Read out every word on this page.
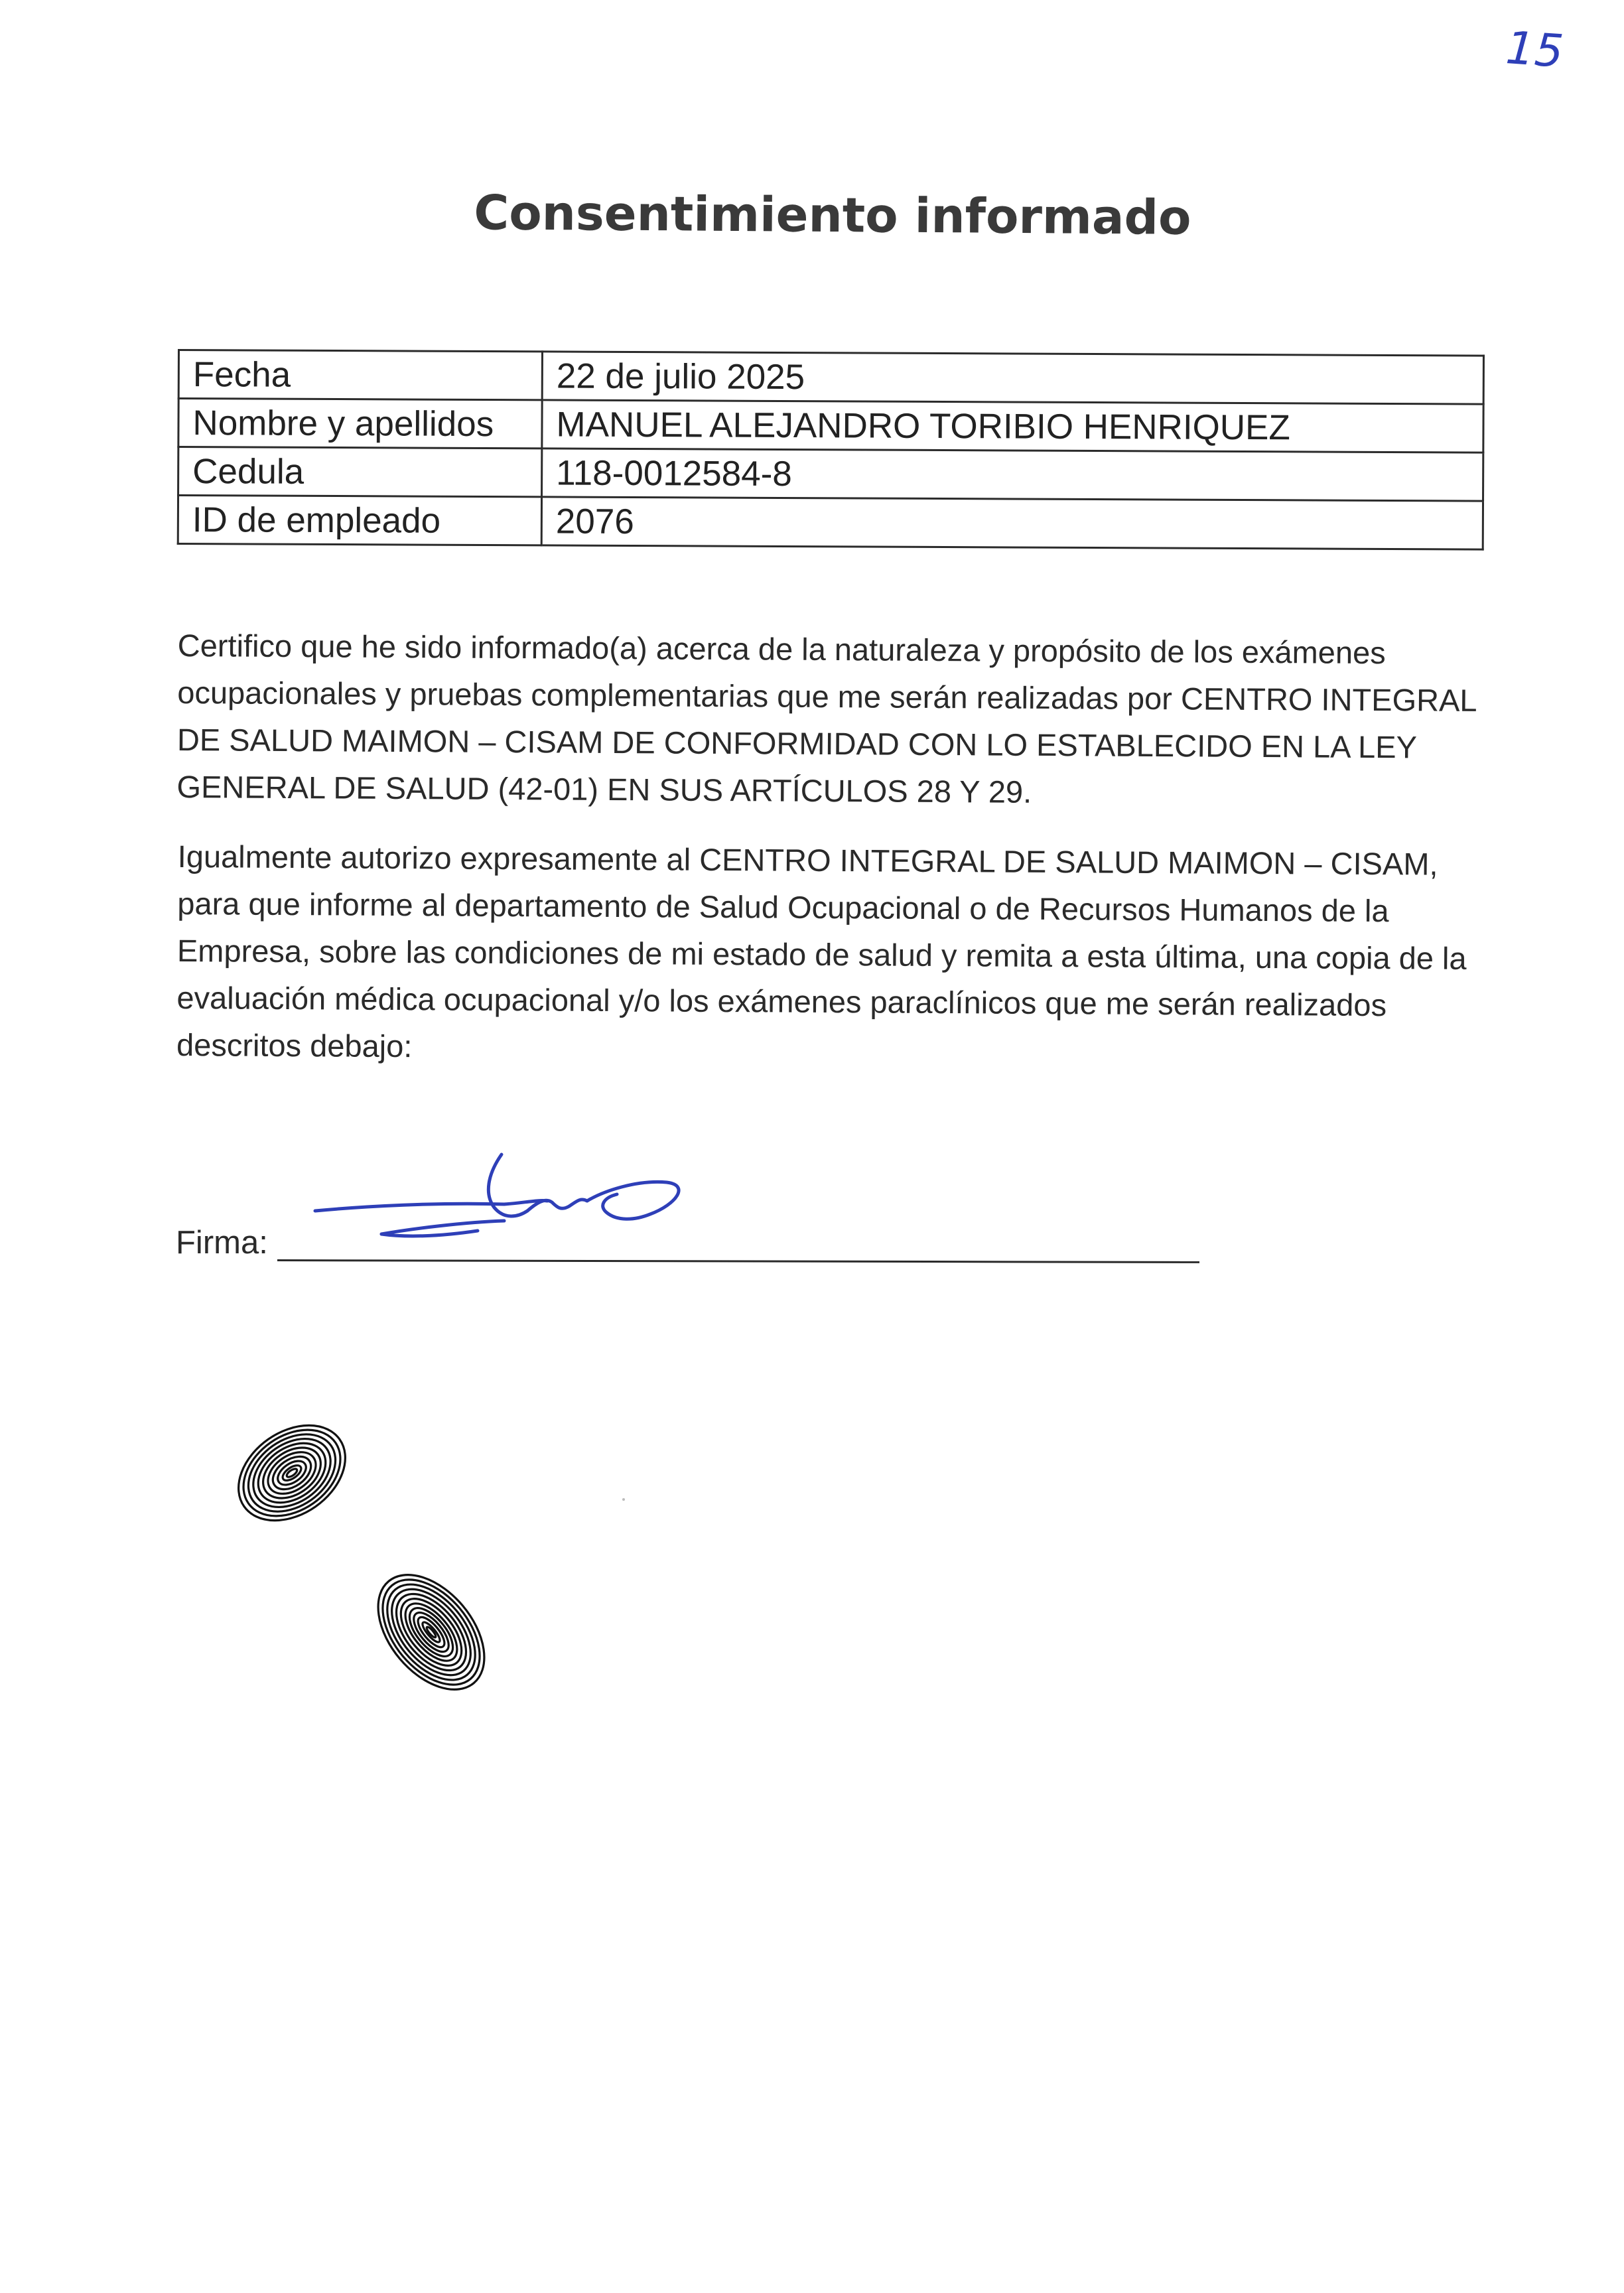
15
Consentimiento informado
Fecha	22 de julio 2025
Nombre y apellidos	MANUEL ALEJANDRO TORIBIO HENRIQUEZ
Cedula	118-0012584-8
ID de empleado	2076

Certifico que he sido informado(a) acerca de la naturaleza y propósito de los exámenes ocupacionales y pruebas complementarias que me serán realizadas por CENTRO INTEGRAL DE SALUD MAIMON – CISAM DE CONFORMIDAD CON LO ESTABLECIDO EN LA LEY GENERAL DE SALUD (42-01) EN SUS ARTÍCULOS 28 Y 29.

Igualmente autorizo expresamente al CENTRO INTEGRAL DE SALUD MAIMON – CISAM, para que informe al departamento de Salud Ocupacional o de Recursos Humanos de la Empresa, sobre las condiciones de mi estado de salud y remita a esta última, una copia de la evaluación médica ocupacional y/o los exámenes paraclínicos que me serán realizados descritos debajo:

Firma:
